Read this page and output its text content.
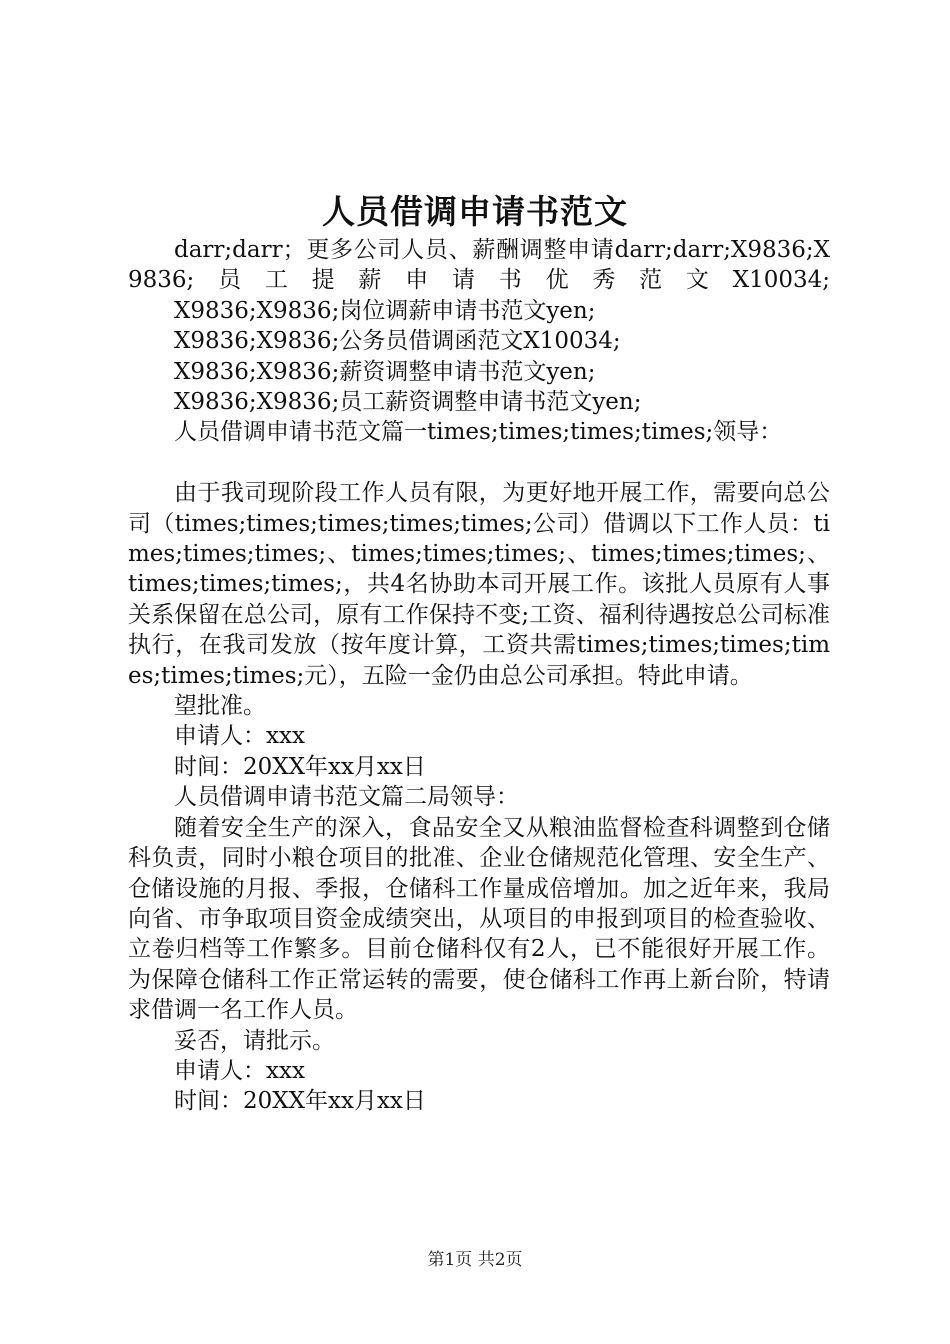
人员借调申请书范文

darr;darr；更多公司人员、薪酬调整申请darr;darr;X9836;X9836;员工提薪申请书优秀范文X10034;

X9836;X9836;岗位调薪申请书范文yen;

X9836;X9836;公务员借调函范文X10034;

X9836;X9836;薪资调整申请书范文yen;

X9836;X9836;员工薪资调整申请书范文yen;

人员借调申请书范文篇一times;times;times;times;领导：

由于我司现阶段工作人员有限，为更好地开展工作，需要向总公司（times;times;times;times;times;公司）借调以下工作人员：times;times;times;、times;times;times;、times;times;times;、times;times;times;，共4名协助本司开展工作。该批人员原有人事关系保留在总公司，原有工作保持不变;工资、福利待遇按总公司标准执行，在我司发放（按年度计算，工资共需times;times;times;times;times;times;元），五险一金仍由总公司承担。特此申请。

望批准。

申请人：xxx

时间：20XX年xx月xx日

人员借调申请书范文篇二局领导：

随着安全生产的深入，食品安全又从粮油监督检查科调整到仓储科负责，同时小粮仓项目的批准、企业仓储规范化管理、安全生产、仓储设施的月报、季报，仓储科工作量成倍增加。加之近年来，我局向省、市争取项目资金成绩突出，从项目的申报到项目的检查验收、立卷归档等工作繁多。目前仓储科仅有2人，已不能很好开展工作。为保障仓储科工作正常运转的需要，使仓储科工作再上新台阶，特请求借调一名工作人员。

妥否，请批示。

申请人：xxx

时间：20XX年xx月xx日

第1页 共2页
